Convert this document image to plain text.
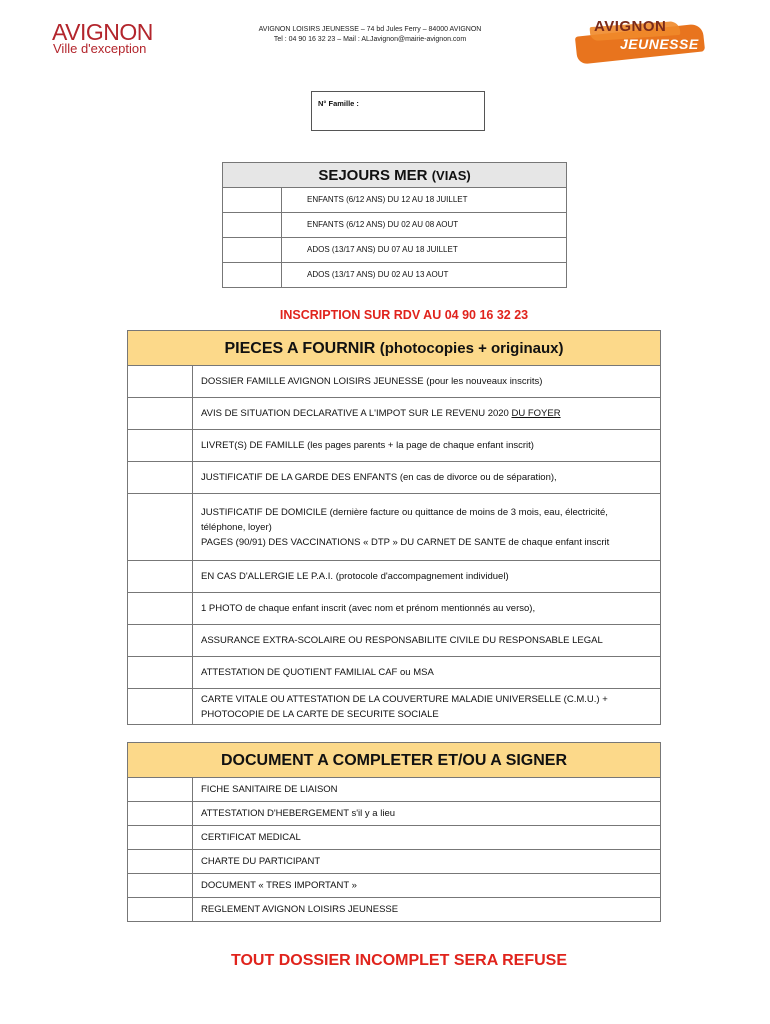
AVIGNON
Ville d'exception
AVIGNON
JEUNESSE
AVIGNON LOISIRS JEUNESSE – 74 bd Jules Ferry – 84000 AVIGNON
Tel : 04 90 16 32 23 – Mail : ALJavignon@mairie-avignon.com
N° Famille :
SEJOURS MER (VIAS)
ENFANTS (6/12 ANS) DU 12 AU 18 JUILLET
ENFANTS (6/12 ANS) DU 02 AU 08 AOUT
ADOS (13/17 ANS) DU 07 AU 18 JUILLET
ADOS (13/17 ANS) DU 02 AU 13 AOUT
INSCRIPTION SUR RDV AU 04 90 16 32 23
PIECES A FOURNIR (photocopies + originaux)
DOSSIER FAMILLE AVIGNON LOISIRS JEUNESSE (pour les nouveaux inscrits)
AVIS DE SITUATION DECLARATIVE A L'IMPOT SUR LE REVENU 2020 DU FOYER
LIVRET(S) DE FAMILLE (les pages parents + la page de chaque enfant inscrit)
JUSTIFICATIF DE LA GARDE DES ENFANTS (en cas de divorce ou de séparation),
JUSTIFICATIF DE DOMICILE (dernière facture ou quittance de moins de 3 mois, eau, électricité, téléphone, loyer)
PAGES (90/91) DES VACCINATIONS « DTP » DU CARNET DE SANTE de chaque enfant inscrit
EN CAS D'ALLERGIE LE P.A.I. (protocole d'accompagnement individuel)
1 PHOTO de chaque enfant inscrit (avec nom et prénom mentionnés au verso),
ASSURANCE EXTRA-SCOLAIRE OU RESPONSABILITE CIVILE DU RESPONSABLE LEGAL
ATTESTATION DE QUOTIENT FAMILIAL CAF ou MSA
CARTE VITALE OU ATTESTATION DE LA COUVERTURE MALADIE UNIVERSELLE (C.M.U.) + PHOTOCOPIE DE LA CARTE DE SECURITE SOCIALE
DOCUMENT A COMPLETER ET/OU A SIGNER
FICHE SANITAIRE DE LIAISON
ATTESTATION D'HEBERGEMENT s'il y a lieu
CERTIFICAT MEDICAL
CHARTE DU PARTICIPANT
DOCUMENT « TRES IMPORTANT »
REGLEMENT AVIGNON LOISIRS JEUNESSE
TOUT DOSSIER INCOMPLET SERA REFUSE
